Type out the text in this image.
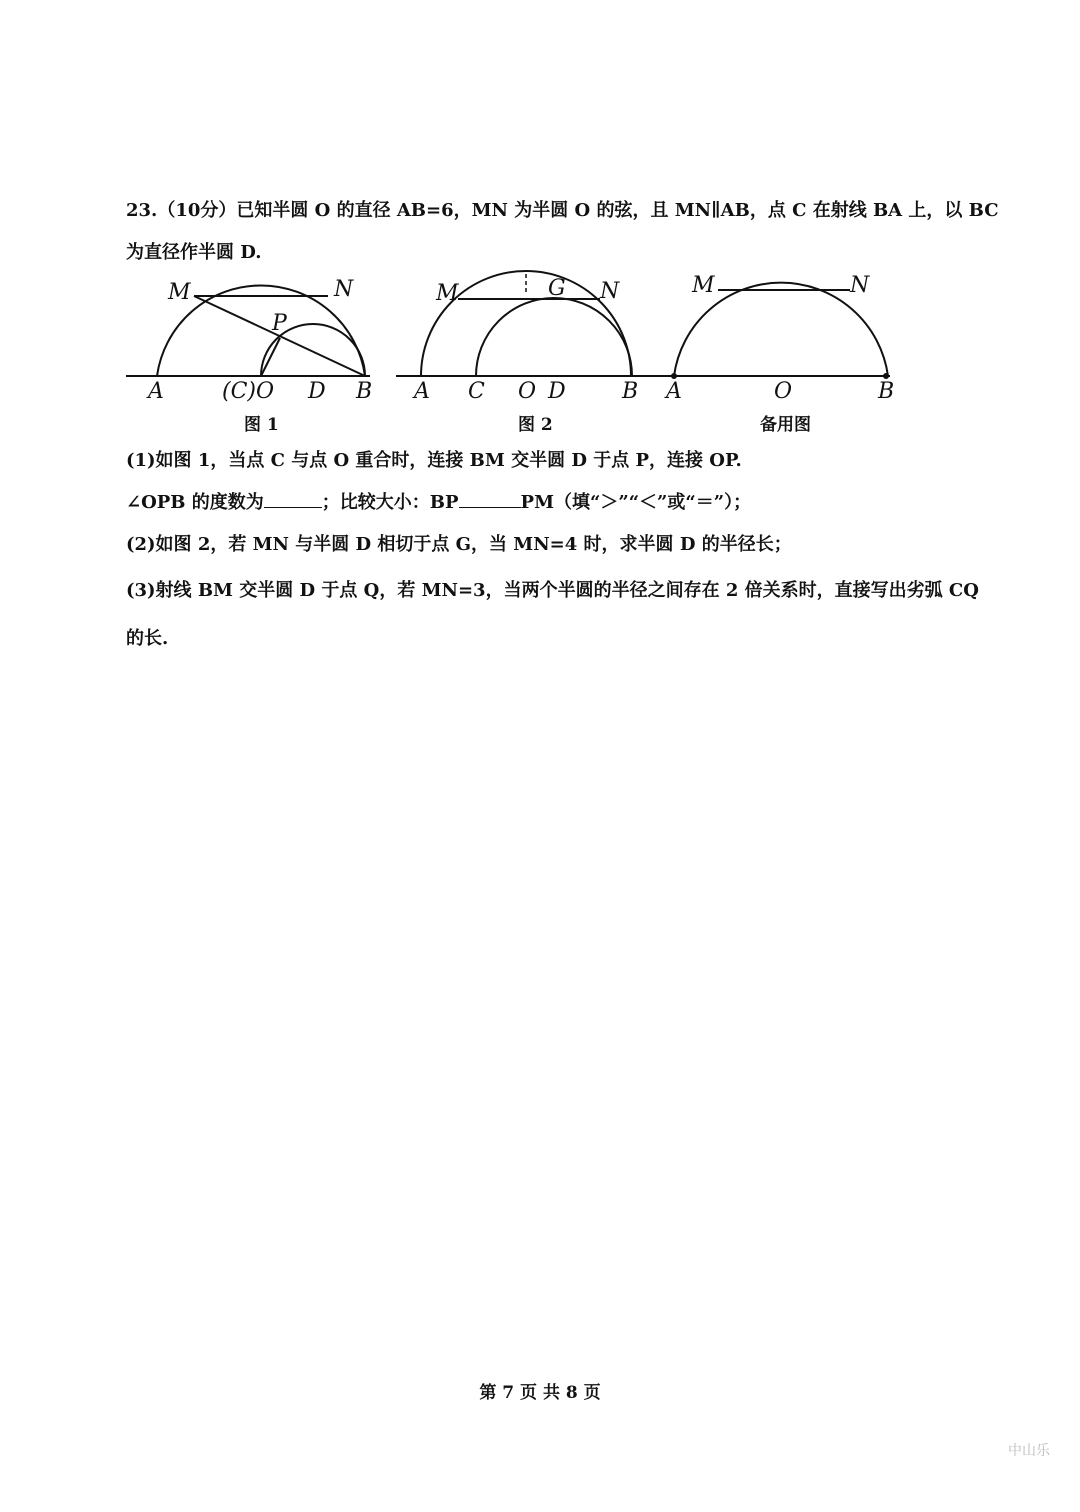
23.（10分）已知半圆 O 的直径 AB=6，MN 为半圆 O 的弦，且 MN∥AB，点 C 在射线 BA 上，以 BC
为直径作半圆 D.
M	N
P
A	(C)O D B
M	G N
A C O D	B
M	N
A	O	B
图 1	图 2	备用图
(1)如图 1，当点 C 与点 O 重合时，连接 BM 交半圆 D 于点 P，连接 OP.
∠OPB 的度数为	；比较大小：BP	PM（填“＞”“＜”或“＝”）；
(2)如图 2，若 MN 与半圆 D 相切于点 G，当 MN=4 时，求半圆 D 的半径长；
(3)射线 BM 交半圆 D 于点 Q，若 MN=3，当两个半圆的半径之间存在 2 倍关系时，直接写出劣弧 CQ
的长.
第 7 页 共 8 页
中山乐
